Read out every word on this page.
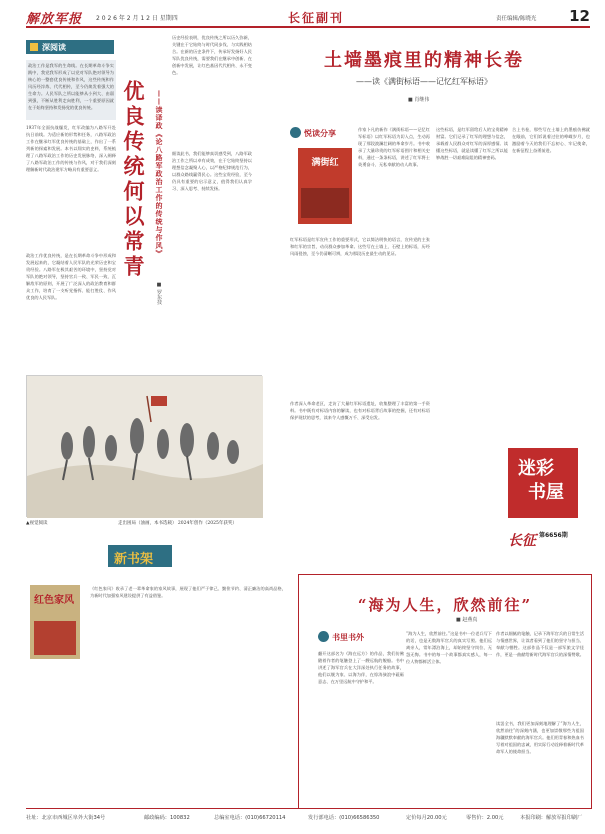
解放军报 2 0 2 6 年 2 月 1 2 日 星期四	长征副刊	责任编辑/陈晓光 12
深阅读
政治工作是我军的生命线。在长期革命斗争实践中，我党我军形成了以党对军队绝对领导为核心的一整套优良传统和作风，这些传统和作风历经淬炼、代代相传，至今仍焕发着强大的生命力。人民军队之所以能够从小到大、由弱到强，不断从胜利走向胜利，一个重要原因就在于始终坚持和发扬党的优良传统。
1937年全面抗战爆发，红军改编为八路军开赴抗日前线。为适应新的形势和任务，八路军政治工作在继承红军优良传统的基础上，作出了一系列新的探索和发展。本书以翔实的史料，系统梳理了八路军政治工作的历史发展脉络，深入阐释了八路军政治工作的传统与作风，对于我们深刻理解新时代政治建军方略具有重要意义。
政治工作优良传统，是在长期革命斗争中形成和发展起来的，它凝结着人民军队的光荣历史和宝贵经验。八路军在极其艰苦的环境中，坚持党对军队的绝对领导，坚持官兵一致、军民一致、瓦解敌军的原则，开展了广泛深入的政治教育和群众工作，培育了一支听党指挥、能打胜仗、作风优良的人民军队。
优良传统何以常青	——读译政《论八路军政治工作的传统与作风》
■ 罗东技
历史经验表明，优良传统之所以历久弥新，关键在于它始终与时代同步伐、与实践相结合。在新的历史条件下，传承好发扬好人民军队优良传统，需要我们在继承中创新、在创新中发展，让红色基因代代相传、永不变色。
细读此书，我们能够真切感受到，八路军政治工作之所以卓有成效，在于它始终坚持以理想信念凝聚人心，以严格纪律规范行为，以群众路线赢得民心。这些宝贵经验，至今仍具有重要的启示意义，值得我们认真学习、深入思考、持续发扬。
土墙墨痕里的精神长卷
——读《满街标语——记忆红军标语》
■ 肖继伟
悦读分享
满街红
作家卜凡的新作《满街标语——记忆红军标语》以红军标语为切入点，生动再现了那段波澜壮阔的革命岁月。书中收录了大量珍贵的红军标语图片和相关史料，通过一条条标语，讲述了红军将士英勇奋斗、无私奉献的动人故事。
红军标语是红军宣传工作的重要形式，它以简洁明快的语言，宣传党的主张和红军的宗旨，动员群众参加革命。这些写在土墙上、石壁上的标语，历经风雨侵蚀，至今仍清晰可辨，成为那段历史最生动的见证。
作者深入革命老区，走访了大量红军标语遗址，收集整理了丰富的第一手资料。书中既有对标语内容的解读，也有对标语背后故事的挖掘，还有对标语保护现状的思考，读来令人感慨万千、深受启发。
这些标语，是红军留给后人的宝贵精神财富。它们记录了红军的理想与信念，承载着人民群众对红军的深厚感情。读懂这些标语，就是读懂了红军之所以能够战胜一切艰难险阻的精神密码。
合上书卷，那些写在土墙上的墨痕仿佛就在眼前，它们诉说着过往的峥嵘岁月，也激励着今天的我们不忘初心、牢记使命，在新征程上奋勇前进。
迷彩
书屋
长征 第6656期
▲视觉阅读	走出困局（油画，本书选载） 2024年创作（2025年获奖）
新书架
红色家风
《红色家风》收录了老一辈革命家的家风故事，展现了他们严于律己、勤俭节约、清正廉洁的高尚品格，为新时代加强家风建设提供了有益借鉴。
“海为人生，欣然前往”
■ 赵燕真
书里书外
翻开这部名为《海在远方》的作品，我们仿佛随着作者的笔触登上了一艘远航的舰船。书中讲述了海军官兵在大洋深处执行任务的故事，他们以舰为家、以海为伴，在惊涛骇浪中砥砺意志、在万里远航中守护和平。
“海为人生，欣然前往。”这是书中一位老兵写下的话，也是无数海军官兵的真实写照。他们远离亲人，常年漂泊海上，却始终坚守岗位、无怨无悔。书中的每一个故事都真实感人，每一位人物都鲜活立体。
作者以细腻的笔触，记录下海军官兵的日常生活与情感世界，让读者看到了他们的坚守与担当、奉献与牺牲。这部作品不仅是一部军旅文学佳作，更是一曲献给新时代海军官兵的深情赞歌。
读罢全书，我们更加深刻地理解了“海为人生，欣然前往”的深刻内涵，也更加崇敬那些为祖国海疆默默奉献的海军官兵。他们用青春和热血书写着对祖国的忠诚，用实际行动诠释着新时代革命军人的使命担当。
社址：北京市西城区阜外大街34号	邮政编码：100832	总编室电话：(010)66720114	发行部电话：(010)66586350	定价每月20.00元	零售价：2.00元	本报印刷：解放军报印刷厂
